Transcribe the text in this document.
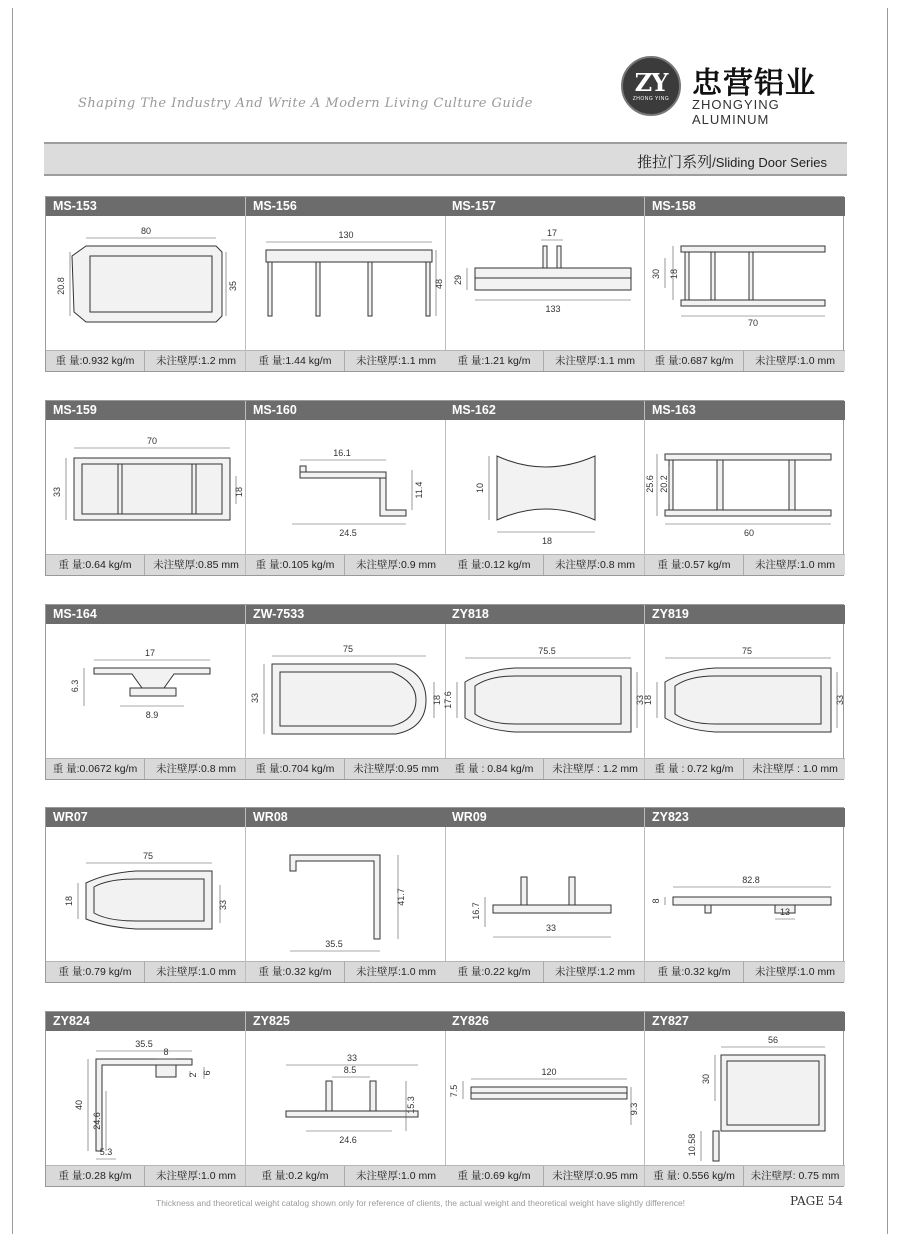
Shaping The Industry And Write A Modern Living Culture Guide
ZY
ZHONG YING 忠营铝业
ZHONGYING ALUMINUM
推拉门系列/Sliding Door Series
MS-153
80
20.8	35
重 量:0.932 kg/m	未注壁厚:1.2 mm
MS-156
130
48
重 量:1.44 kg/m	未注壁厚:1.1 mm
MS-157
17
29
133
重 量:1.21 kg/m	未注壁厚:1.1 mm
MS-158
30 18
70
重 量:0.687 kg/m	未注壁厚:1.0 mm
MS-159
70
33	18
重 量:0.64 kg/m	未注壁厚:0.85 mm
MS-160
16.1
11.4
24.5
重 量:0.105 kg/m	未注壁厚:0.9 mm
MS-162
10
18
重 量:0.12 kg/m	未注壁厚:0.8 mm
MS-163
25.6 20.2
60
重 量:0.57 kg/m	未注壁厚:1.0 mm
MS-164
17
6.3
8.9
重 量:0.0672 kg/m	未注壁厚:0.8 mm
ZW-7533
75
33	18
重 量:0.704 kg/m	未注壁厚:0.95 mm
ZY818
75.5
17.6	33
重 量 : 0.84 kg/m	未注壁厚 : 1.2 mm
ZY819
75
18	33
重 量 : 0.72 kg/m	未注壁厚 : 1.0 mm
WR07
75
18	33
重 量:0.79 kg/m	未注壁厚:1.0 mm
WR08
41.7
35.5
重 量:0.32 kg/m	未注壁厚:1.0 mm
WR09
16.7
33
重 量:0.22 kg/m	未注壁厚:1.2 mm
ZY823
82.8
8
13
重 量:0.32 kg/m	未注壁厚:1.0 mm
ZY824
35.5
8
2 6
40
24.6
5.3
重 量:0.28 kg/m	未注壁厚:1.0 mm
ZY825
33
8.5
15.3
24.6
重 量:0.2 kg/m	未注壁厚:1.0 mm
ZY826
7.5
120
9.3
重 量:0.69 kg/m	未注壁厚:0.95 mm
ZY827
56
30
10.58
重 量: 0.556 kg/m	未注壁厚: 0.75 mm
Thickness and theoretical weight catalog shown only for reference of clients, the actual weight and theoretical weight have slightly difference!	PAGE 54
